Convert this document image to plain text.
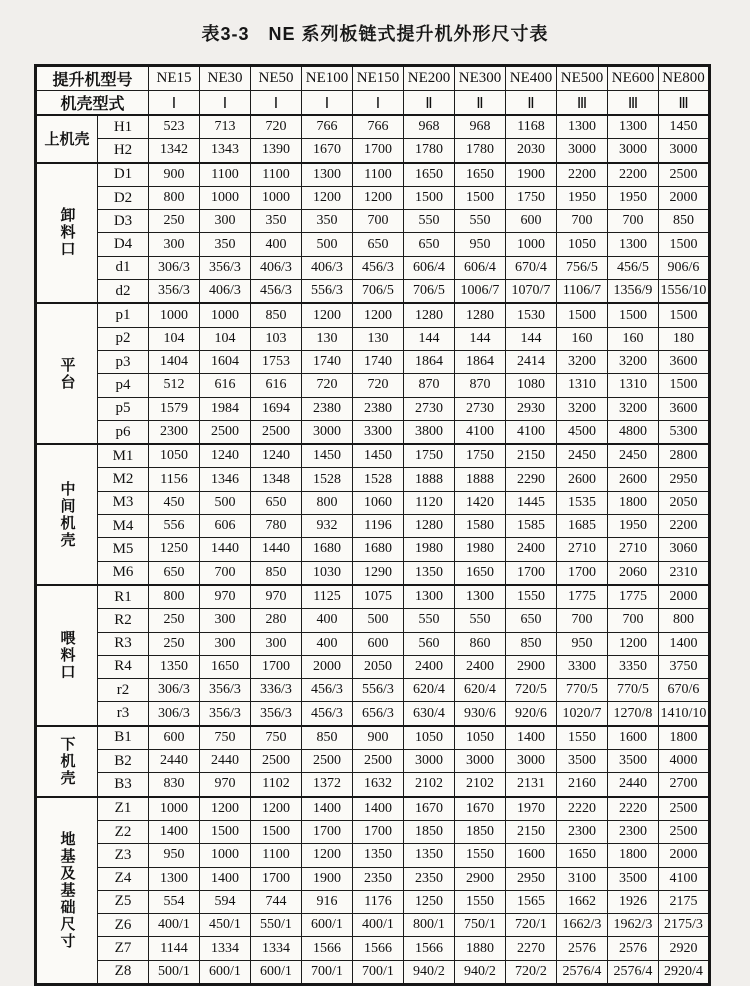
表3-3　NE 系列板链式提升机外形尺寸表
提升机型号		NE15	NE30	NE50	NE100	NE150	NE200	NE300	NE400	NE500	NE600	NE800
机壳型式		Ⅰ	Ⅰ	Ⅰ	Ⅰ	Ⅰ	Ⅱ	Ⅱ	Ⅱ	Ⅲ	Ⅲ	Ⅲ
上机壳	H1	523	713	720	766	766	968	968	1168	1300	1300	1450
	H2	1342	1343	1390	1670	1700	1780	1780	2030	3000	3000	3000
卸料口	D1	900	1100	1100	1300	1100	1650	1650	1900	2200	2200	2500
	D2	800	1000	1000	1200	1200	1500	1500	1750	1950	1950	2000
	D3	250	300	350	350	700	550	550	600	700	700	850
	D4	300	350	400	500	650	650	950	1000	1050	1300	1500
	d1	306/3	356/3	406/3	406/3	456/3	606/4	606/4	670/4	756/5	456/5	906/6
	d2	356/3	406/3	456/3	556/3	706/5	706/5	1006/7	1070/7	1106/7	1356/9	1556/10
平台	p1	1000	1000	850	1200	1200	1280	1280	1530	1500	1500	1500
	p2	104	104	103	130	130	144	144	144	160	160	180
	p3	1404	1604	1753	1740	1740	1864	1864	2414	3200	3200	3600
	p4	512	616	616	720	720	870	870	1080	1310	1310	1500
	p5	1579	1984	1694	2380	2380	2730	2730	2930	3200	3200	3600
	p6	2300	2500	2500	3000	3300	3800	4100	4100	4500	4800	5300
中间机壳	M1	1050	1240	1240	1450	1450	1750	1750	2150	2450	2450	2800
	M2	1156	1346	1348	1528	1528	1888	1888	2290	2600	2600	2950
	M3	450	500	650	800	1060	1120	1420	1445	1535	1800	2050
	M4	556	606	780	932	1196	1280	1580	1585	1685	1950	2200
	M5	1250	1440	1440	1680	1680	1980	1980	2400	2710	2710	3060
	M6	650	700	850	1030	1290	1350	1650	1700	1700	2060	2310
喂料口	R1	800	970	970	1125	1075	1300	1300	1550	1775	1775	2000
	R2	250	300	280	400	500	550	550	650	700	700	800
	R3	250	300	300	400	600	560	860	850	950	1200	1400
	R4	1350	1650	1700	2000	2050	2400	2400	2900	3300	3350	3750
	r2	306/3	356/3	336/3	456/3	556/3	620/4	620/4	720/5	770/5	770/5	670/6
	r3	306/3	356/3	356/3	456/3	656/3	630/4	930/6	920/6	1020/7	1270/8	1410/10
下机壳	B1	600	750	750	850	900	1050	1050	1400	1550	1600	1800
	B2	2440	2440	2500	2500	2500	3000	3000	3000	3500	3500	4000
	B3	830	970	1102	1372	1632	2102	2102	2131	2160	2440	2700
地基及基础尺寸	Z1	1000	1200	1200	1400	1400	1670	1670	1970	2220	2220	2500
	Z2	1400	1500	1500	1700	1700	1850	1850	2150	2300	2300	2500
	Z3	950	1000	1100	1200	1350	1350	1550	1600	1650	1800	2000
	Z4	1300	1400	1700	1900	2350	2350	2900	2950	3100	3500	4100
	Z5	554	594	744	916	1176	1250	1550	1565	1662	1926	2175
	Z6	400/1	450/1	550/1	600/1	400/1	800/1	750/1	720/1	1662/3	1962/3	2175/3
	Z7	1144	1334	1334	1566	1566	1566	1880	2270	2576	2576	2920
	Z8	500/1	600/1	600/1	700/1	700/1	940/2	940/2	720/2	2576/4	2576/4	2920/4
